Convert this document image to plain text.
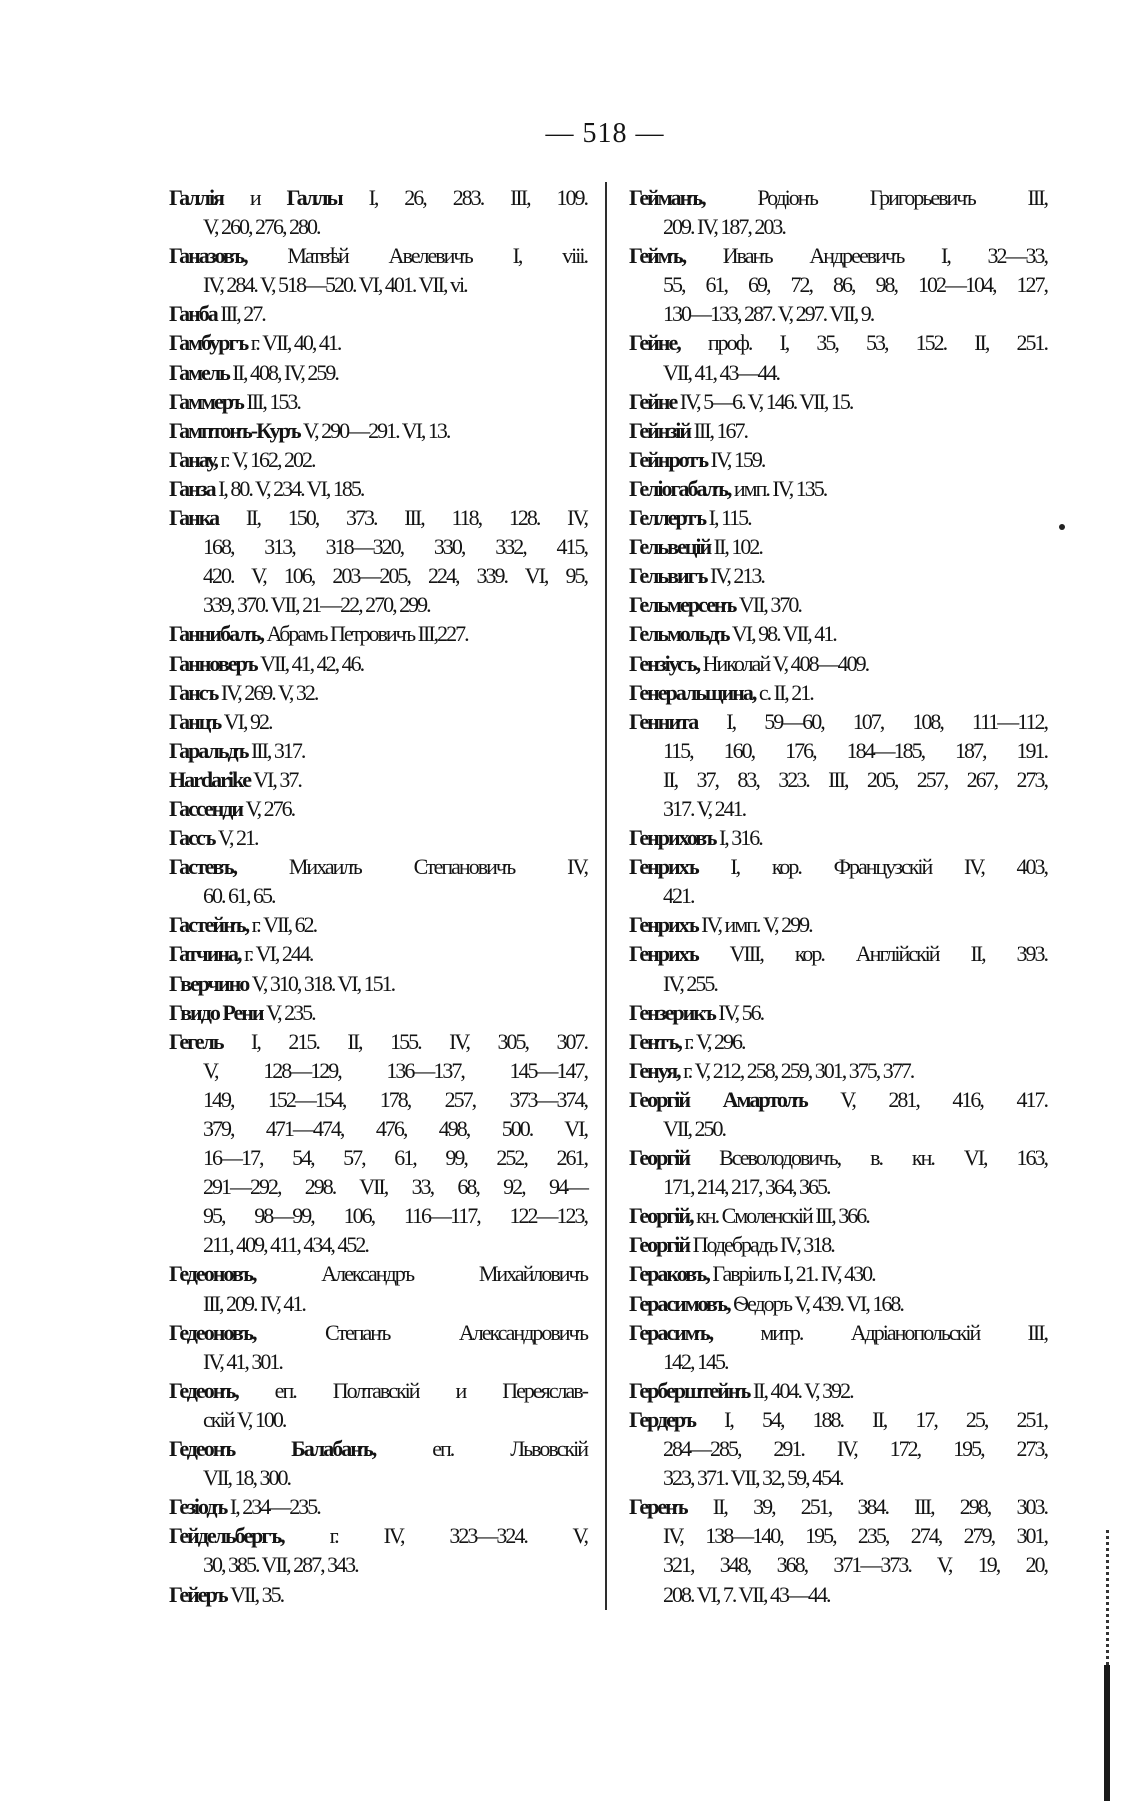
— 518 —
Галлія и Галлы I, 26, 283. III, 109.
V, 260, 276, 280.
Ганазовъ, Матвѣй Авелевичъ I, viii.
IV, 284. V, 518—520. VI, 401. VII, vi.
Ганба III, 27.
Гамбургъ г. VII, 40, 41.
Гамель II, 408, IV, 259.
Гаммеръ III, 153.
Гамптонъ-Куръ V, 290—291. VI, 13.
Ганау, г. V, 162, 202.
Ганза I, 80. V, 234. VI, 185.
Ганка II, 150, 373. III, 118, 128. IV,
168, 313, 318—320, 330, 332, 415,
420. V, 106, 203—205, 224, 339. VI, 95,
339, 370. VII, 21—22, 270, 299.
Ганнибалъ, Абрамъ Петровичъ III,227.
Ганноверъ VII, 41, 42, 46.
Гансъ IV, 269. V, 32.
Ганцъ VI, 92.
Гаральдъ III, 317.
Hardarike VI, 37.
Гассенди V, 276.
Гассъ V, 21.
Гастевъ, Михаилъ Степановичъ IV,
60. 61, 65.
Гастейнъ, г. VII, 62.
Гатчина, г. VI, 244.
Гверчино V, 310, 318. VI, 151.
Гвидо Рени V, 235.
Гегель I, 215. II, 155. IV, 305, 307.
V, 128—129, 136—137, 145—147,
149, 152—154, 178, 257, 373—374,
379, 471—474, 476, 498, 500. VI,
16—17, 54, 57, 61, 99, 252, 261,
291—292, 298. VII, 33, 68, 92, 94—
95, 98—99, 106, 116—117, 122—123,
211, 409, 411, 434, 452.
Гедеоновъ, Александръ Михайловичъ
III, 209. IV, 41.
Гедеоновъ, Степанъ Александровичъ
IV, 41, 301.
Гедеонъ, еп. Полтавскій и Переяслав-
скій V, 100.
Гедеонъ Балабанъ, еп. Львовскій
VII, 18, 300.
Гезіодъ I, 234—235.
Гейдельбергъ, г. IV, 323—324. V,
30, 385. VII, 287, 343.
Гейеръ VII, 35.
Гейманъ, Родіонъ Григорьевичъ III,
209. IV, 187, 203.
Геймъ, Иванъ Андреевичъ I, 32—33,
55, 61, 69, 72, 86, 98, 102—104, 127,
130—133, 287. V, 297. VII, 9.
Гейне, проф. I, 35, 53, 152. II, 251.
VII, 41, 43—44.
Гейне IV, 5—6. V, 146. VII, 15.
Гейнзій III, 167.
Гейнротъ IV, 159.
Геліогабалъ, имп. IV, 135.
Геллертъ I, 115.
Гельвецій II, 102.
Гельвигъ IV, 213.
Гельмерсенъ VII, 370.
Гельмольдъ VI, 98. VII, 41.
Гензіусъ, Николай V, 408—409.
Генеральщина, с. II, 21.
Геннита I, 59—60, 107, 108, 111—112,
115, 160, 176, 184—185, 187, 191.
II, 37, 83, 323. III, 205, 257, 267, 273,
317. V, 241.
Генриховъ I, 316.
Генрихъ I, кор. Французскій IV, 403,
421.
Генрихъ IV, имп. V, 299.
Генрихъ VIII, кор. Англійскій II, 393.
IV, 255.
Гензерикъ IV, 56.
Гентъ, г. V, 296.
Генуя, г. V, 212, 258, 259, 301, 375, 377.
Георгій Амартолъ V, 281, 416, 417.
VII, 250.
Георгій Всеволодовичъ, в. кн. VI, 163,
171, 214, 217, 364, 365.
Георгій, кн. Смоленскій III, 366.
Георгій Подебрадъ IV, 318.
Гераковъ, Гавріилъ I, 21. IV, 430.
Герасимовъ, Ѳедоръ V, 439. VI, 168.
Герасимъ, митр. Адріанопольскій III,
142, 145.
Герберштейнъ II, 404. V, 392.
Гердеръ I, 54, 188. II, 17, 25, 251,
284—285, 291. IV, 172, 195, 273,
323, 371. VII, 32, 59, 454.
Геренъ II, 39, 251, 384. III, 298, 303.
IV, 138—140, 195, 235, 274, 279, 301,
321, 348, 368, 371—373. V, 19, 20,
208. VI, 7. VII, 43—44.
